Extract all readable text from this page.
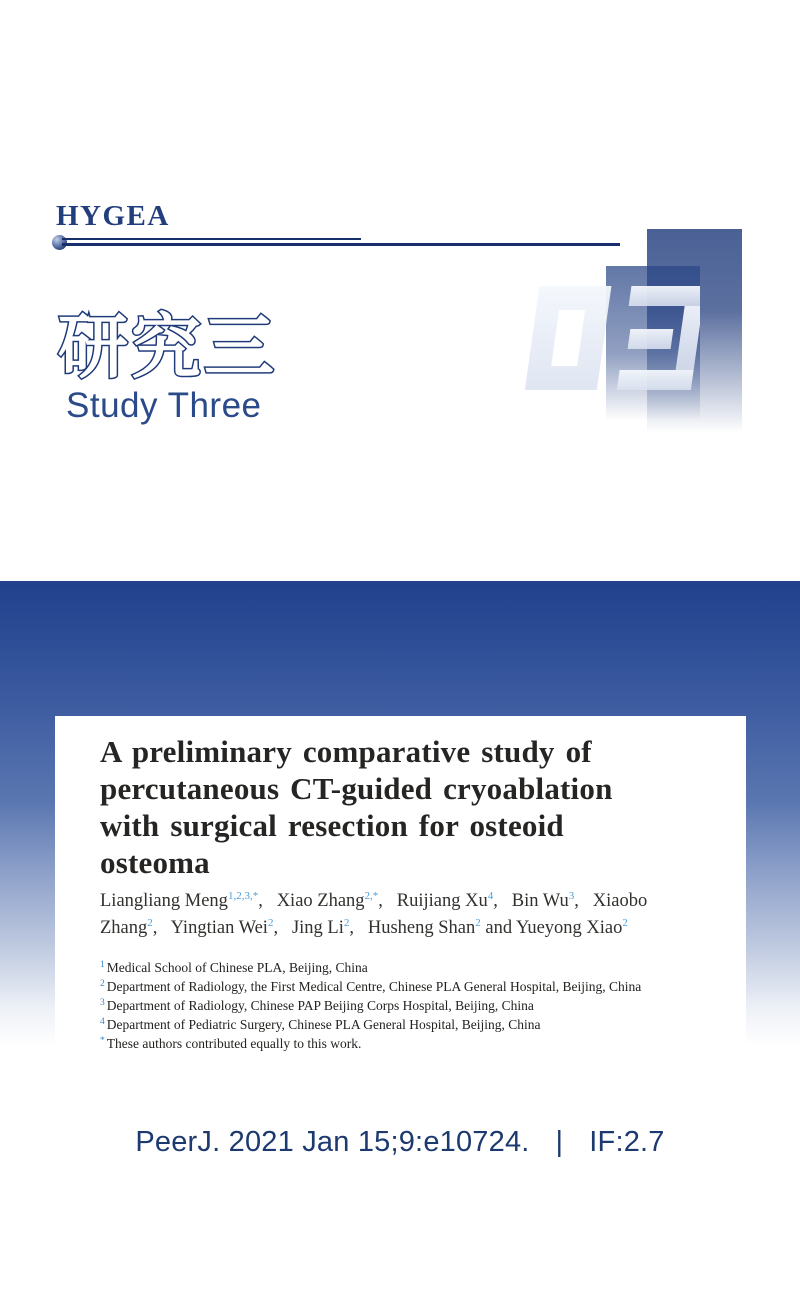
HYGEA
研究三
Study Three
A preliminary comparative study of
percutaneous CT-guided cryoablation
with surgical resection for osteoid
osteoma
Liangliang Meng$^{1,2,3,*}$,  Xiao Zhang$^{2,*}$,  Ruijiang Xu$^4$,  Bin Wu$^3$,  Xiaobo Zhang$^2$,  Yingtian Wei$^2$,  Jing Li$^2$,  Husheng Shan$^2$ and Yueyong Xiao$^2$
$^1$ Medical School of Chinese PLA, Beijing, China
$^2$ Department of Radiology, the First Medical Centre, Chinese PLA General Hospital, Beijing, China
$^3$ Department of Radiology, Chinese PAP Beijing Corps Hospital, Beijing, China
$^4$ Department of Pediatric Surgery, Chinese PLA General Hospital, Beijing, China
* These authors contributed equally to this work.
PeerJ. 2021 Jan 15;9:e10724. | IF:2.7
